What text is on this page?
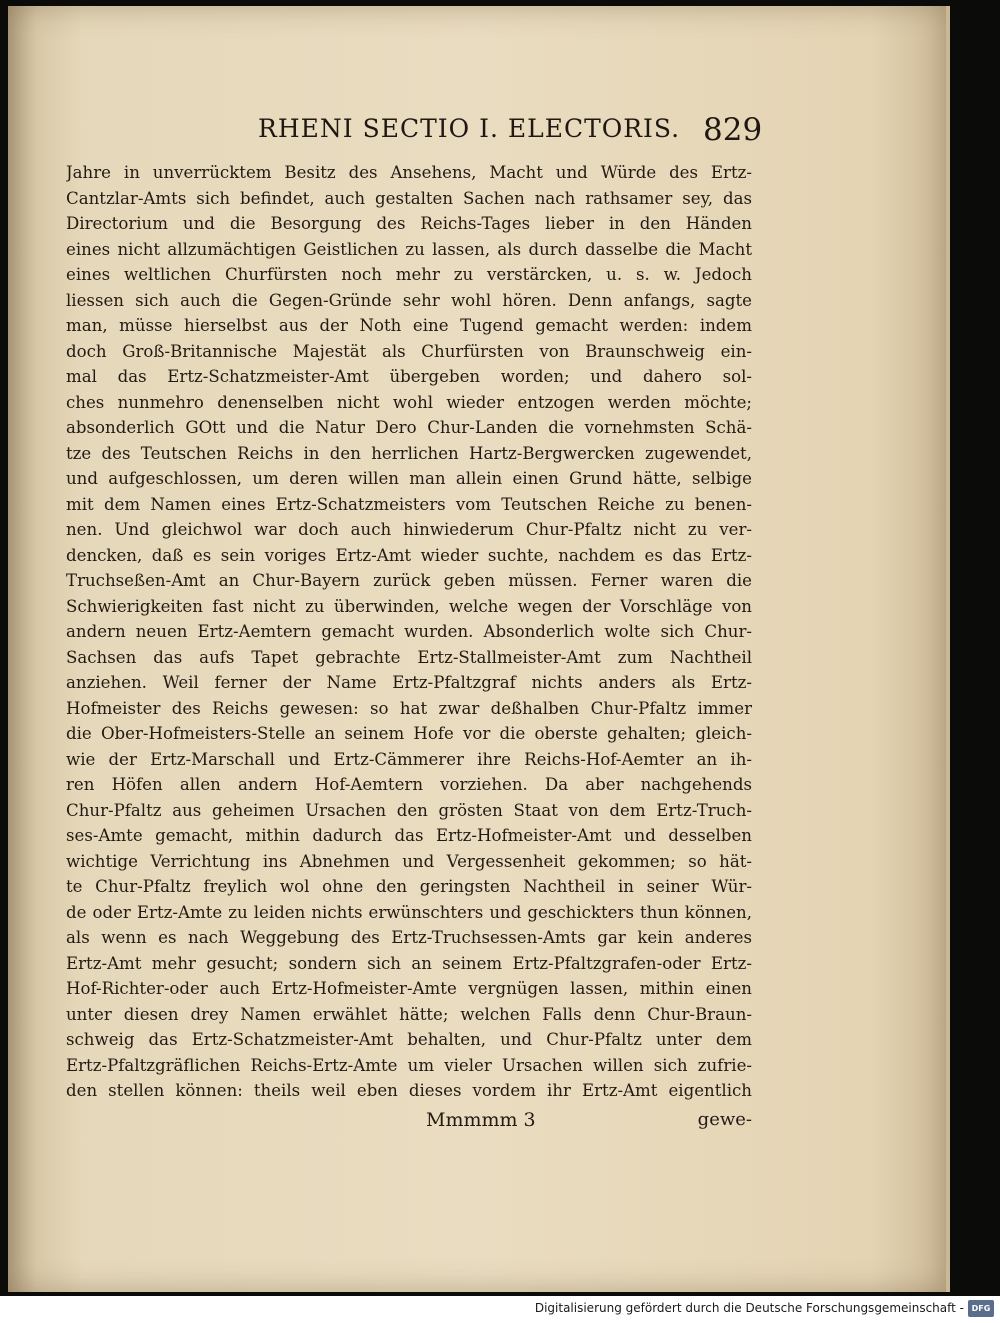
RHENI SECTIO I. ELECTORIS. 829
Jahre in unverrücktem Besitz des Ansehens, Macht und Würde des Ertz-
Cantzlar-Amts sich befindet, auch gestalten Sachen nach rathsamer sey, das
Directorium und die Besorgung des Reichs-Tages lieber in den Händen
eines nicht allzumächtigen Geistlichen zu lassen, als durch dasselbe die Macht
eines weltlichen Churfürsten noch mehr zu verstärcken, u. s. w. Jedoch
liessen sich auch die Gegen-Gründe sehr wohl hören. Denn anfangs, sagte
man, müsse hierselbst aus der Noth eine Tugend gemacht werden: indem
doch Groß-Britannische Majestät als Churfürsten von Braunschweig ein-
mal das Ertz-Schatzmeister-Amt übergeben worden; und dahero sol-
ches nunmehro denenselben nicht wohl wieder entzogen werden möchte;
absonderlich GOtt und die Natur Dero Chur-Landen die vornehmsten Schä-
tze des Teutschen Reichs in den herrlichen Hartz-Bergwercken zugewendet,
und aufgeschlossen, um deren willen man allein einen Grund hätte, selbige
mit dem Namen eines Ertz-Schatzmeisters vom Teutschen Reiche zu benen-
nen. Und gleichwol war doch auch hinwiederum Chur-Pfaltz nicht zu ver-
dencken, daß es sein voriges Ertz-Amt wieder suchte, nachdem es das Ertz-
Truchseßen-Amt an Chur-Bayern zurück geben müssen. Ferner waren die
Schwierigkeiten fast nicht zu überwinden, welche wegen der Vorschläge von
andern neuen Ertz-Aemtern gemacht wurden. Absonderlich wolte sich Chur-
Sachsen das aufs Tapet gebrachte Ertz-Stallmeister-Amt zum Nachtheil
anziehen. Weil ferner der Name Ertz-Pfaltzgraf nichts anders als Ertz-
Hofmeister des Reichs gewesen: so hat zwar deßhalben Chur-Pfaltz immer
die Ober-Hofmeisters-Stelle an seinem Hofe vor die oberste gehalten; gleich-
wie der Ertz-Marschall und Ertz-Cämmerer ihre Reichs-Hof-Aemter an ih-
ren Höfen allen andern Hof-Aemtern vorziehen. Da aber nachgehends
Chur-Pfaltz aus geheimen Ursachen den grösten Staat von dem Ertz-Truch-
ses-Amte gemacht, mithin dadurch das Ertz-Hofmeister-Amt und desselben
wichtige Verrichtung ins Abnehmen und Vergessenheit gekommen; so hät-
te Chur-Pfaltz freylich wol ohne den geringsten Nachtheil in seiner Wür-
de oder Ertz-Amte zu leiden nichts erwünschters und geschickters thun können,
als wenn es nach Weggebung des Ertz-Truchsessen-Amts gar kein anderes
Ertz-Amt mehr gesucht; sondern sich an seinem Ertz-Pfaltzgrafen-oder Ertz-
Hof-Richter-oder auch Ertz-Hofmeister-Amte vergnügen lassen, mithin einen
unter diesen drey Namen erwählet hätte; welchen Falls denn Chur-Braun-
schweig das Ertz-Schatzmeister-Amt behalten, und Chur-Pfaltz unter dem
Ertz-Pfaltzgräflichen Reichs-Ertz-Amte um vieler Ursachen willen sich zufrie-
den stellen können: theils weil eben dieses vordem ihr Ertz-Amt eigentlich
Mmmmm 3	gewe-
Digitalisierung gefördert durch die Deutsche Forschungsgemeinschaft - DFG
